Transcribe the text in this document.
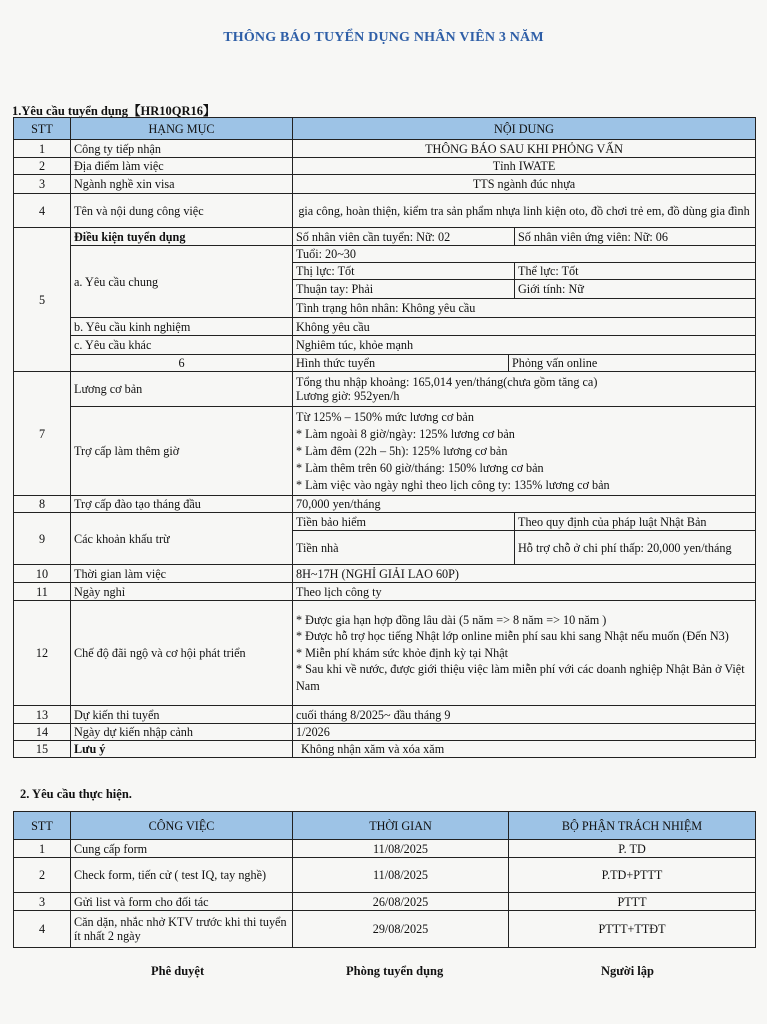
THÔNG BÁO TUYỂN DỤNG NHÂN VIÊN 3 NĂM
1.Yêu cầu tuyển dụng【HR10QR16】
STT	HẠNG MỤC	NỘI DUNG		
1	Công ty tiếp nhận	THÔNG BÁO SAU KHI PHỎNG VẤN		
2	Địa điểm làm việc	Tỉnh IWATE		
3	Ngành nghề xin visa	TTS ngành đúc nhựa		
4	Tên và nội dung công việc	gia công, hoàn thiện, kiểm tra sản phẩm nhựa linh kiện oto, đồ chơi trẻ em, đồ dùng gia đình		
5	Điều kiện tuyển dụng	Số nhân viên cần tuyển: Nữ: 02		Số nhân viên ứng viên: Nữ: 06
	a. Yêu cầu chung	Tuổi: 20~30		
		Thị lực: Tốt		Thể lực: Tốt
		Thuận tay: Phải		Giới tính: Nữ
		Tình trạng hôn nhân: Không yêu cầu		
	b. Yêu cầu kinh nghiệm	Không yêu cầu		
	c. Yêu cầu khác	Nghiêm túc, khỏe mạnh		
	6	Hình thức tuyển	Phỏng vấn online	
7	Lương cơ bản	Tổng thu nhập khoảng: 165,014 yen/tháng(chưa gồm tăng ca)
Lương giờ: 952yen/h		

	Trợ cấp làm thêm giờ	Từ 125% – 150% mức lương cơ bản
* Làm ngoài 8 giờ/ngày: 125% lương cơ bản
* Làm đêm (22h – 5h): 125% lương cơ bản
* Làm thêm trên 60 giờ/tháng: 150% lương cơ bản
* Làm việc vào ngày nghỉ theo lịch công ty: 135% lương cơ bản		

8	Trợ cấp đào tạo tháng đầu	70,000 yen/tháng		
9	Các khoản khấu trừ	Tiền bảo hiểm		Theo quy định của pháp luật Nhật Bản
		Tiền nhà		Hỗ trợ chỗ ở chi phí thấp: 20,000 yen/tháng
10	Thời gian làm việc	8H~17H (NGHỈ GIẢI LAO 60P)		
11	Ngày nghỉ	Theo lịch công ty		
12	Chế độ đãi ngộ và cơ hội phát triển	* Được gia hạn hợp đồng lâu dài (5 năm => 8 năm => 10 năm )
* Được hỗ trợ học tiếng Nhật lớp online miễn phí sau khi sang Nhật nếu muốn (Đến N3)
* Miễn phí khám sức khỏe định kỳ tại Nhật
* Sau khi về nước, được giới thiệu việc làm miễn phí với các doanh nghiệp Nhật Bản ở Việt Nam		

13	Dự kiến thi tuyển	cuối tháng 8/2025~ đầu tháng 9		
14	Ngày dự kiến nhập cảnh	1/2026		
15	Lưu ý	Không nhận xăm và xóa xăm		
2. Yêu cầu thực hiện.
STT	CÔNG VIỆC	THỜI GIAN	BỘ PHẬN TRÁCH NHIỆM
1	Cung cấp form	11/08/2025	P. TD
2	Check form, tiến cử ( test IQ, tay nghề)	11/08/2025	P.TD+PTTT
3	Gửi list và form cho đối tác	26/08/2025	PTTT
4	Căn dặn, nhắc nhở KTV trước khi thi tuyển ít nhất 2 ngày	29/08/2025	PTTT+TTĐT
Phê duyệt	Phòng tuyển dụng	Người lập
